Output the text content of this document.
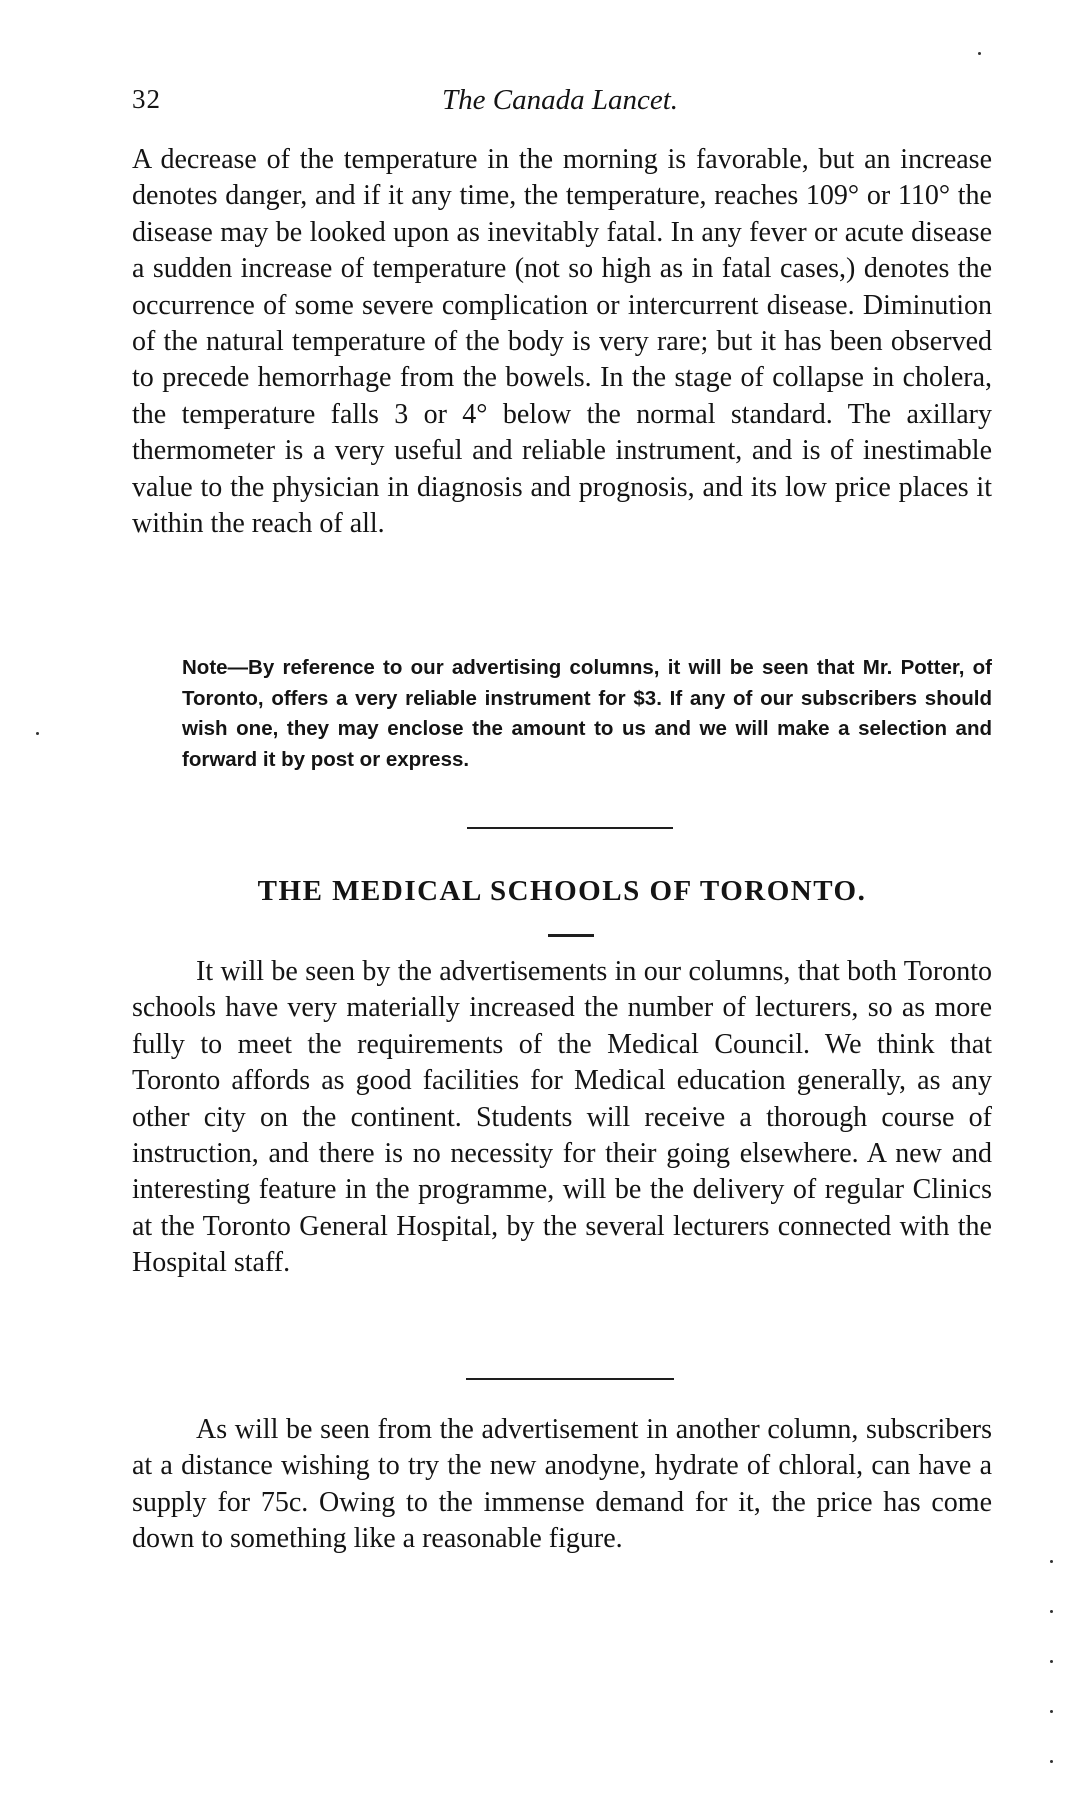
32	The Canada Lancet.

A decrease of the temperature in the morning is favorable, but an increase denotes danger, and if it any time, the temperature, reaches 109° or 110° the disease may be looked upon as inevitably fatal. In any fever or acute disease a sudden increase of temperature (not so high as in fatal cases,) denotes the occurrence of some severe complication or intercurrent disease. Diminution of the natural temperature of the body is very rare; but it has been observed to precede hemorrhage from the bowels. In the stage of collapse in cholera, the temperature falls 3 or 4° below the normal standard. The axillary thermometer is a very useful and reliable instrument, and is of inestimable value to the physician in diagnosis and prognosis, and its low price places it within the reach of all.

Note—By reference to our advertising columns, it will be seen that Mr. Potter, of Toronto, offers a very reliable instrument for $3. If any of our subscribers should wish one, they may enclose the amount to us and we will make a selection and forward it by post or express.

THE MEDICAL SCHOOLS OF TORONTO.

It will be seen by the advertisements in our columns, that both Toronto schools have very materially increased the number of lecturers, so as more fully to meet the requirements of the Medical Council. We think that Toronto affords as good facilities for Medical education generally, as any other city on the continent. Students will receive a thorough course of instruction, and there is no necessity for their going elsewhere. A new and interesting feature in the programme, will be the delivery of regular Clinics at the Toronto General Hospital, by the several lecturers connected with the Hospital staff.

As will be seen from the advertisement in another column, subscribers at a distance wishing to try the new anodyne, hydrate of chloral, can have a supply for 75c. Owing to the immense demand for it, the price has come down to something like a reasonable figure.
